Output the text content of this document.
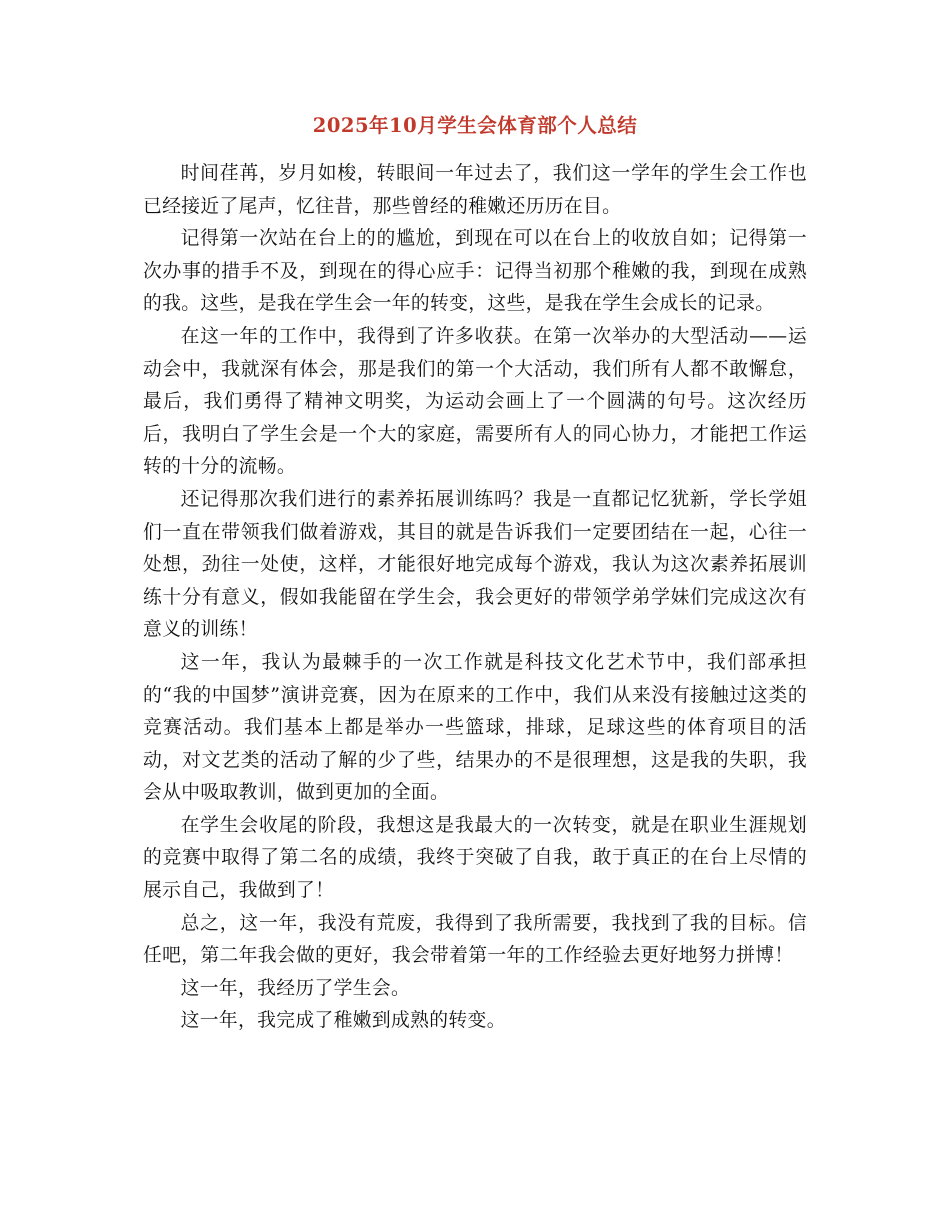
2025年10月学生会体育部个人总结

时间荏苒，岁月如梭，转眼间一年过去了，我们这一学年的学生会工作也已经接近了尾声，忆往昔，那些曾经的稚嫩还历历在目。

记得第一次站在台上的的尴尬，到现在可以在台上的收放自如；记得第一次办事的措手不及，到现在的得心应手：记得当初那个稚嫩的我，到现在成熟的我。这些，是我在学生会一年的转变，这些，是我在学生会成长的记录。

在这一年的工作中，我得到了许多收获。在第一次举办的大型活动——运动会中，我就深有体会，那是我们的第一个大活动，我们所有人都不敢懈怠，最后，我们勇得了精神文明奖，为运动会画上了一个圆满的句号。这次经历后，我明白了学生会是一个大的家庭，需要所有人的同心协力，才能把工作运转的十分的流畅。

还记得那次我们进行的素养拓展训练吗？我是一直都记忆犹新，学长学姐们一直在带领我们做着游戏，其目的就是告诉我们一定要团结在一起，心往一处想，劲往一处使，这样，才能很好地完成每个游戏，我认为这次素养拓展训练十分有意义，假如我能留在学生会，我会更好的带领学弟学妹们完成这次有意义的训练！

这一年，我认为最棘手的一次工作就是科技文化艺术节中，我们部承担的“我的中国梦”演讲竞赛，因为在原来的工作中，我们从来没有接触过这类的竞赛活动。我们基本上都是举办一些篮球，排球，足球这些的体育项目的活动，对文艺类的活动了解的少了些，结果办的不是很理想，这是我的失职，我会从中吸取教训，做到更加的全面。

在学生会收尾的阶段，我想这是我最大的一次转变，就是在职业生涯规划的竞赛中取得了第二名的成绩，我终于突破了自我，敢于真正的在台上尽情的展示自己，我做到了！

总之，这一年，我没有荒废，我得到了我所需要，我找到了我的目标。信任吧，第二年我会做的更好，我会带着第一年的工作经验去更好地努力拼博！

这一年，我经历了学生会。

这一年，我完成了稚嫩到成熟的转变。
